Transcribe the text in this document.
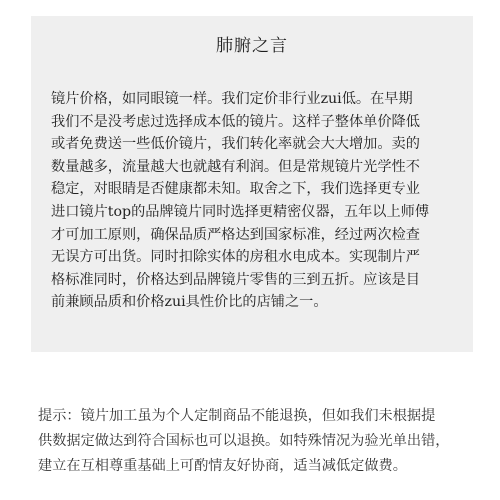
肺腑之言
镜片价格，如同眼镜一样。我们定价非行业zui低。在早期
我们不是没考虑过选择成本低的镜片。这样子整体单价降低
或者免费送一些低价镜片，我们转化率就会大大增加。卖的
数量越多，流量越大也就越有利润。但是常规镜片光学性不
稳定，对眼睛是否健康都未知。取舍之下，我们选择更专业
进口镜片top的品牌镜片同时选择更精密仪器，五年以上师傅
才可加工原则，确保品质严格达到国家标准，经过两次检查
无误方可出货。同时扣除实体的房租水电成本。实现制片严
格标准同时，价格达到品牌镜片零售的三到五折。应该是目
前兼顾品质和价格zui具性价比的店铺之一。
提示：镜片加工虽为个人定制商品不能退换，但如我们未根据提
供数据定做达到符合国标也可以退换。如特殊情况为验光单出错，
建立在互相尊重基础上可酌情友好协商，适当减低定做费。
